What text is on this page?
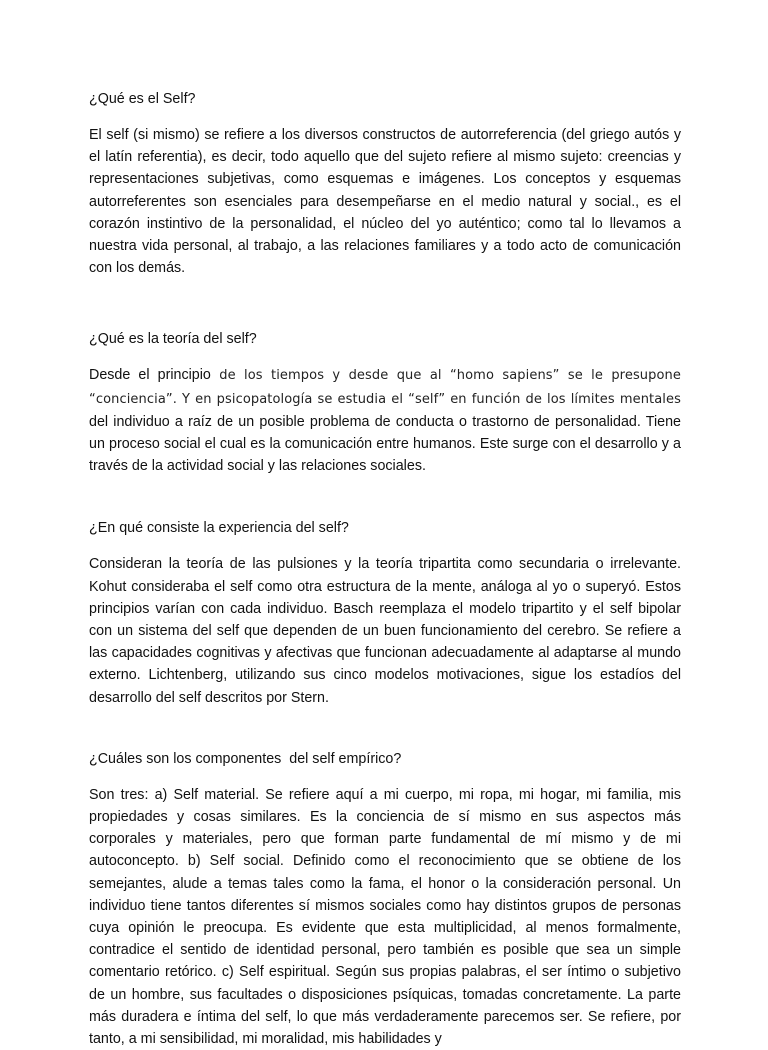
¿Qué es el Self?

El self (si mismo) se refiere a los diversos constructos de autorreferencia (del griego autós y el latín referentia), es decir, todo aquello que del sujeto refiere al mismo sujeto: creencias y representaciones subjetivas, como esquemas e imágenes. Los conceptos y esquemas autorreferentes son esenciales para desempeñarse en el medio natural y social., es el corazón instintivo de la personalidad, el núcleo del yo auténtico; como tal lo llevamos a nuestra vida personal, al trabajo, a las relaciones familiares y a todo acto de comunicación con los demás.

¿Qué es la teoría del self?

Desde el principio de los tiempos y desde que al “homo sapiens” se le presupone “conciencia”. Y en psicopatología se estudia el “self” en función de los límites mentales del individuo a raíz de un posible problema de conducta o trastorno de personalidad. Tiene un proceso social el cual es la comunicación entre humanos. Este surge con el desarrollo y a través de la actividad social y las relaciones sociales.

¿En qué consiste la experiencia del self?

Consideran la teoría de las pulsiones y la teoría tripartita como secundaria o irrelevante. Kohut consideraba el self como otra estructura de la mente, análoga al yo o superyó. Estos principios varían con cada individuo. Basch reemplaza el modelo tripartito y el self bipolar con un sistema del self que dependen de un buen funcionamiento del cerebro. Se refiere a las capacidades cognitivas y afectivas que funcionan adecuadamente al adaptarse al mundo externo. Lichtenberg, utilizando sus cinco modelos motivaciones, sigue los estadíos del desarrollo del self descritos por Stern.

¿Cuáles son los componentes  del self empírico?

Son tres: a) Self material. Se refiere aquí a mi cuerpo, mi ropa, mi hogar, mi familia, mis propiedades y cosas similares. Es la conciencia de sí mismo en sus aspectos más corporales y materiales, pero que forman parte fundamental de mí mismo y de mi autoconcepto. b) Self social. Definido como el reconocimiento que se obtiene de los semejantes, alude a temas tales como la fama, el honor o la consideración personal. Un individuo tiene tantos diferentes sí mismos sociales como hay distintos grupos de personas cuya opinión le preocupa. Es evidente que esta multiplicidad, al menos formalmente, contradice el sentido de identidad personal, pero también es posible que sea un simple comentario retórico. c) Self espiritual. Según sus propias palabras, el ser íntimo o subjetivo de un hombre, sus facultades o disposiciones psíquicas, tomadas concretamente. La parte más duradera e íntima del self, lo que más verdaderamente parecemos ser. Se refiere, por tanto, a mi sensibilidad, mi moralidad, mis habilidades y
